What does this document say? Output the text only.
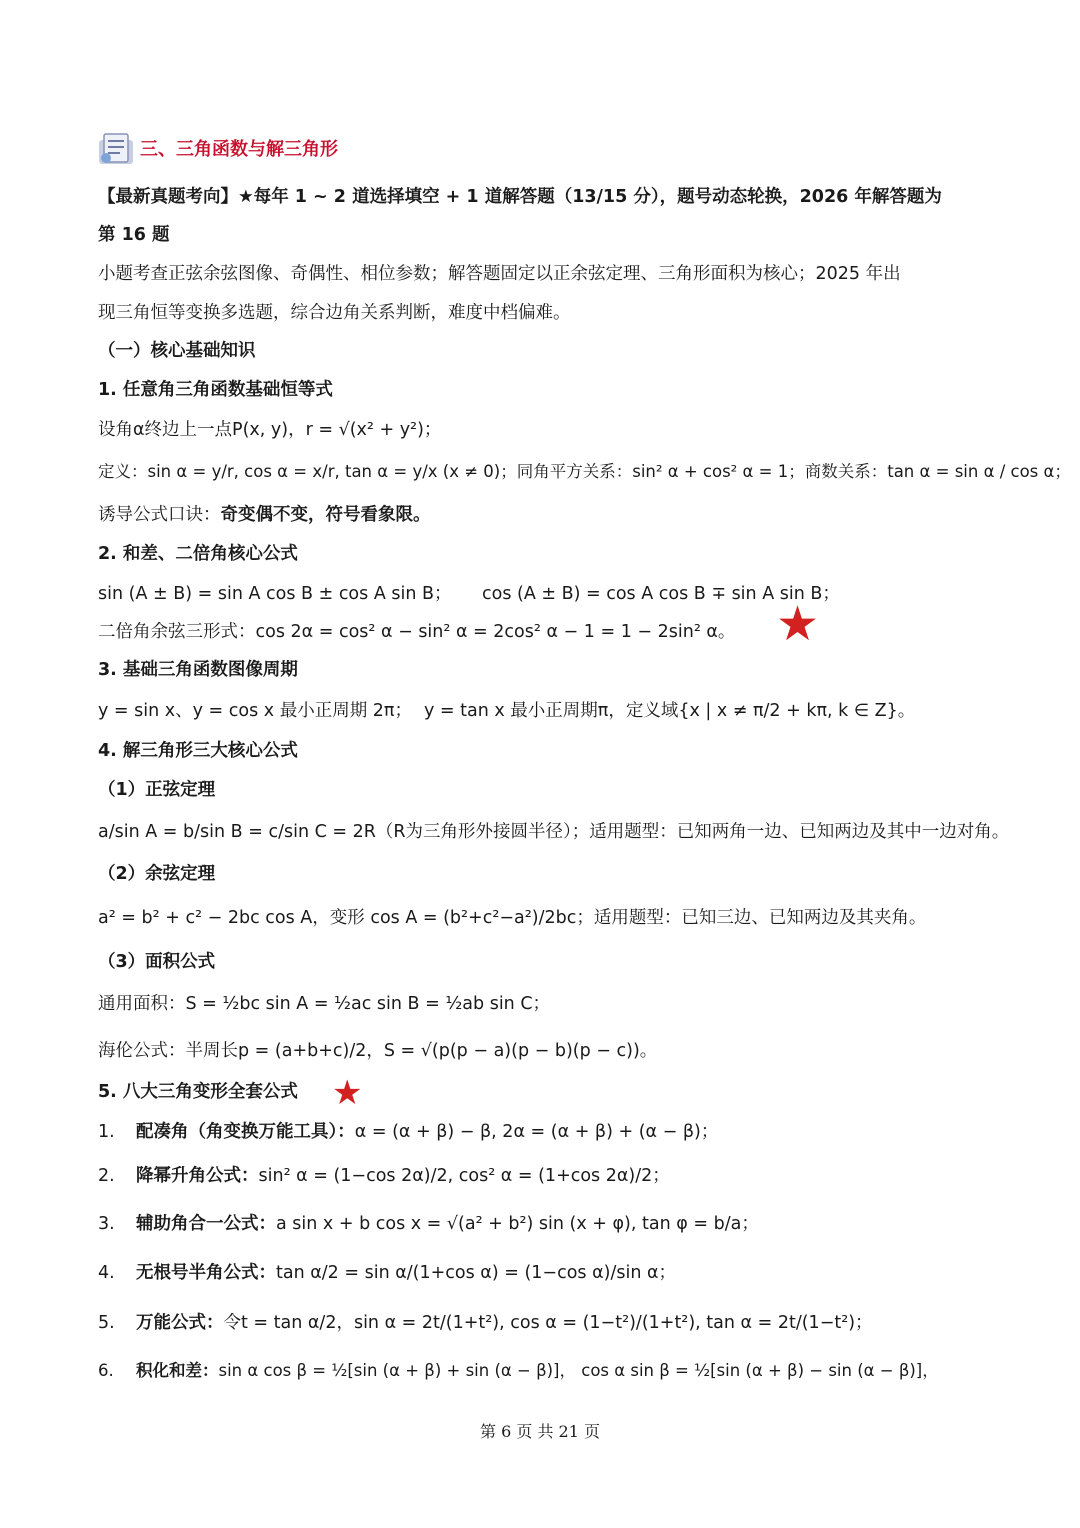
三、三角函数与解三角形
【最新真题考向】★每年 1 ~ 2 道选择填空 + 1 道解答题（13/15 分），题号动态轮换，2026 年解答题为
第 16 题
小题考查正弦余弦图像、奇偶性、相位参数；解答题固定以正余弦定理、三角形面积为核心；2025 年出
现三角恒等变换多选题，综合边角关系判断，难度中档偏难。
（一）核心基础知识
1. 任意角三角函数基础恒等式
设角α终边上一点P(x, y)，r = √(x² + y²)；
定义：sin α = y/r, cos α = x/r, tan α = y/x (x ≠ 0)；同角平方关系：sin² α + cos² α = 1；商数关系：tan α = sin α / cos α；
诱导公式口诀：奇变偶不变，符号看象限。
2. 和差、二倍角核心公式
sin (A ± B) = sin A cos B ± cos A sin B； cos (A ± B) = cos A cos B ∓ sin A sin B；
二倍角余弦三形式：cos 2α = cos² α − sin² α = 2cos² α − 1 = 1 − 2sin² α。 ★
3. 基础三角函数图像周期
y = sin x、y = cos x 最小正周期 2π； y = tan x 最小正周期π，定义域{x | x ≠ π/2 + kπ, k ∈ Z}。
4. 解三角形三大核心公式
（1）正弦定理
a/sin A = b/sin B = c/sin C = 2R（R为三角形外接圆半径）；适用题型：已知两角一边、已知两边及其中一边对角。
（2）余弦定理
a² = b² + c² − 2bc cos A，变形 cos A = (b²+c²−a²)/2bc；适用题型：已知三边、已知两边及其夹角。
（3）面积公式
通用面积：S = ½bc sin A = ½ac sin B = ½ab sin C；
海伦公式：半周长p = (a+b+c)/2，S = √(p(p − a)(p − b)(p − c))。
5. 八大三角变形全套公式 ★
1. 配凑角（角变换万能工具）：α = (α + β) − β, 2α = (α + β) + (α − β)；
2. 降幂升角公式：sin² α = (1−cos 2α)/2, cos² α = (1+cos 2α)/2；
3. 辅助角合一公式：a sin x + b cos x = √(a² + b²) sin (x + φ), tan φ = b/a；
4. 无根号半角公式：tan α/2 = sin α/(1+cos α) = (1−cos α)/sin α；
5. 万能公式：令t = tan α/2，sin α = 2t/(1+t²), cos α = (1−t²)/(1+t²), tan α = 2t/(1−t²)；
6. 积化和差：sin α cos β = ½[sin (α + β) + sin (α − β)]， cos α sin β = ½[sin (α + β) − sin (α − β)]，
第 6 页 共 21 页
